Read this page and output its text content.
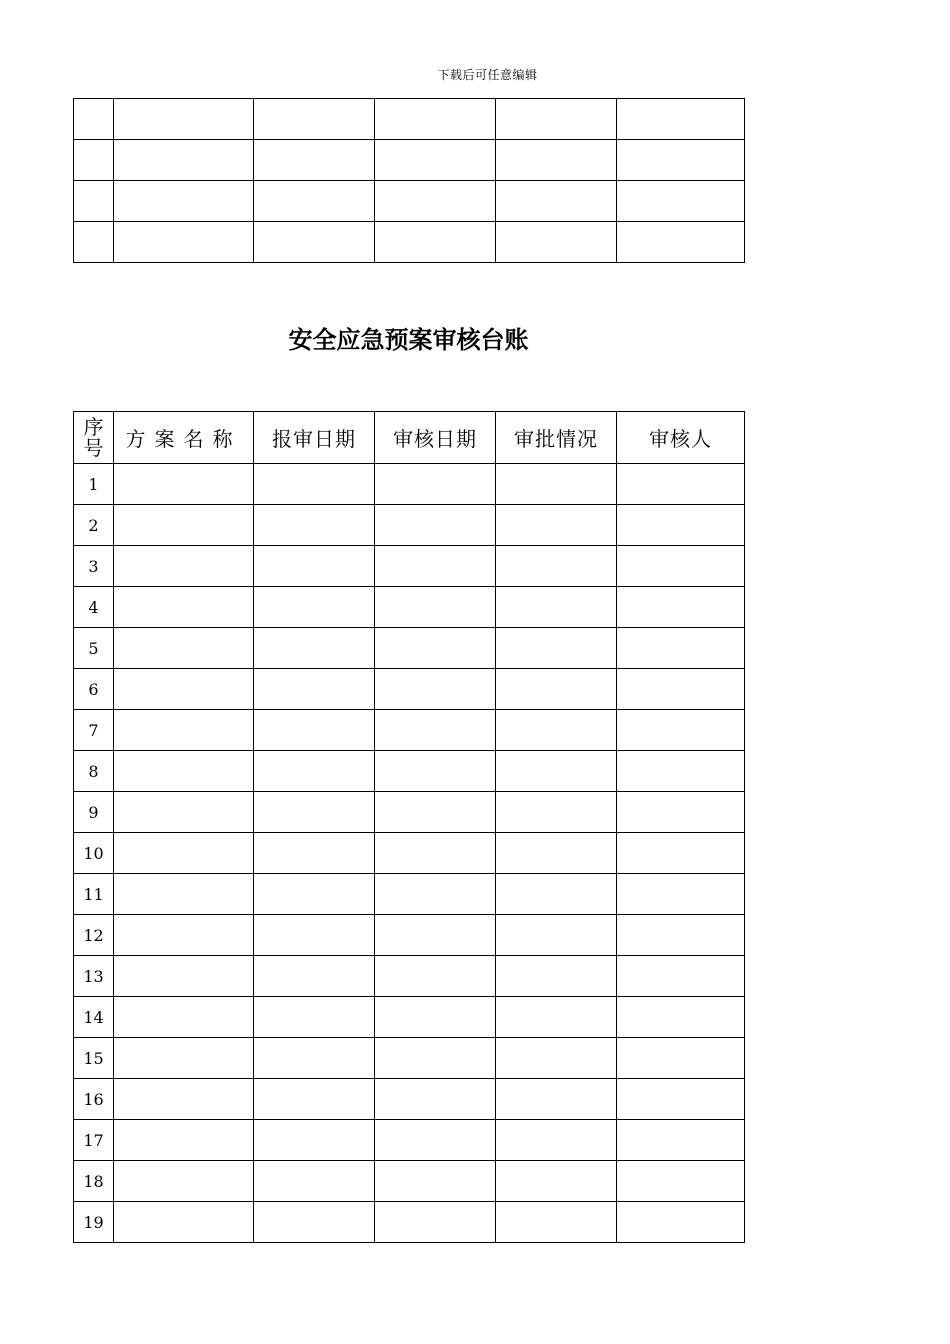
下载后可任意编辑

安全应急预案审核台账
序号	方案名称	报审日期	审核日期	审批情况	审核人
1					
2					
3					
4					
5					
6					
7					
8					
9					
10					
11					
12					
13					
14					
15					
16					
17					
18					
19					
